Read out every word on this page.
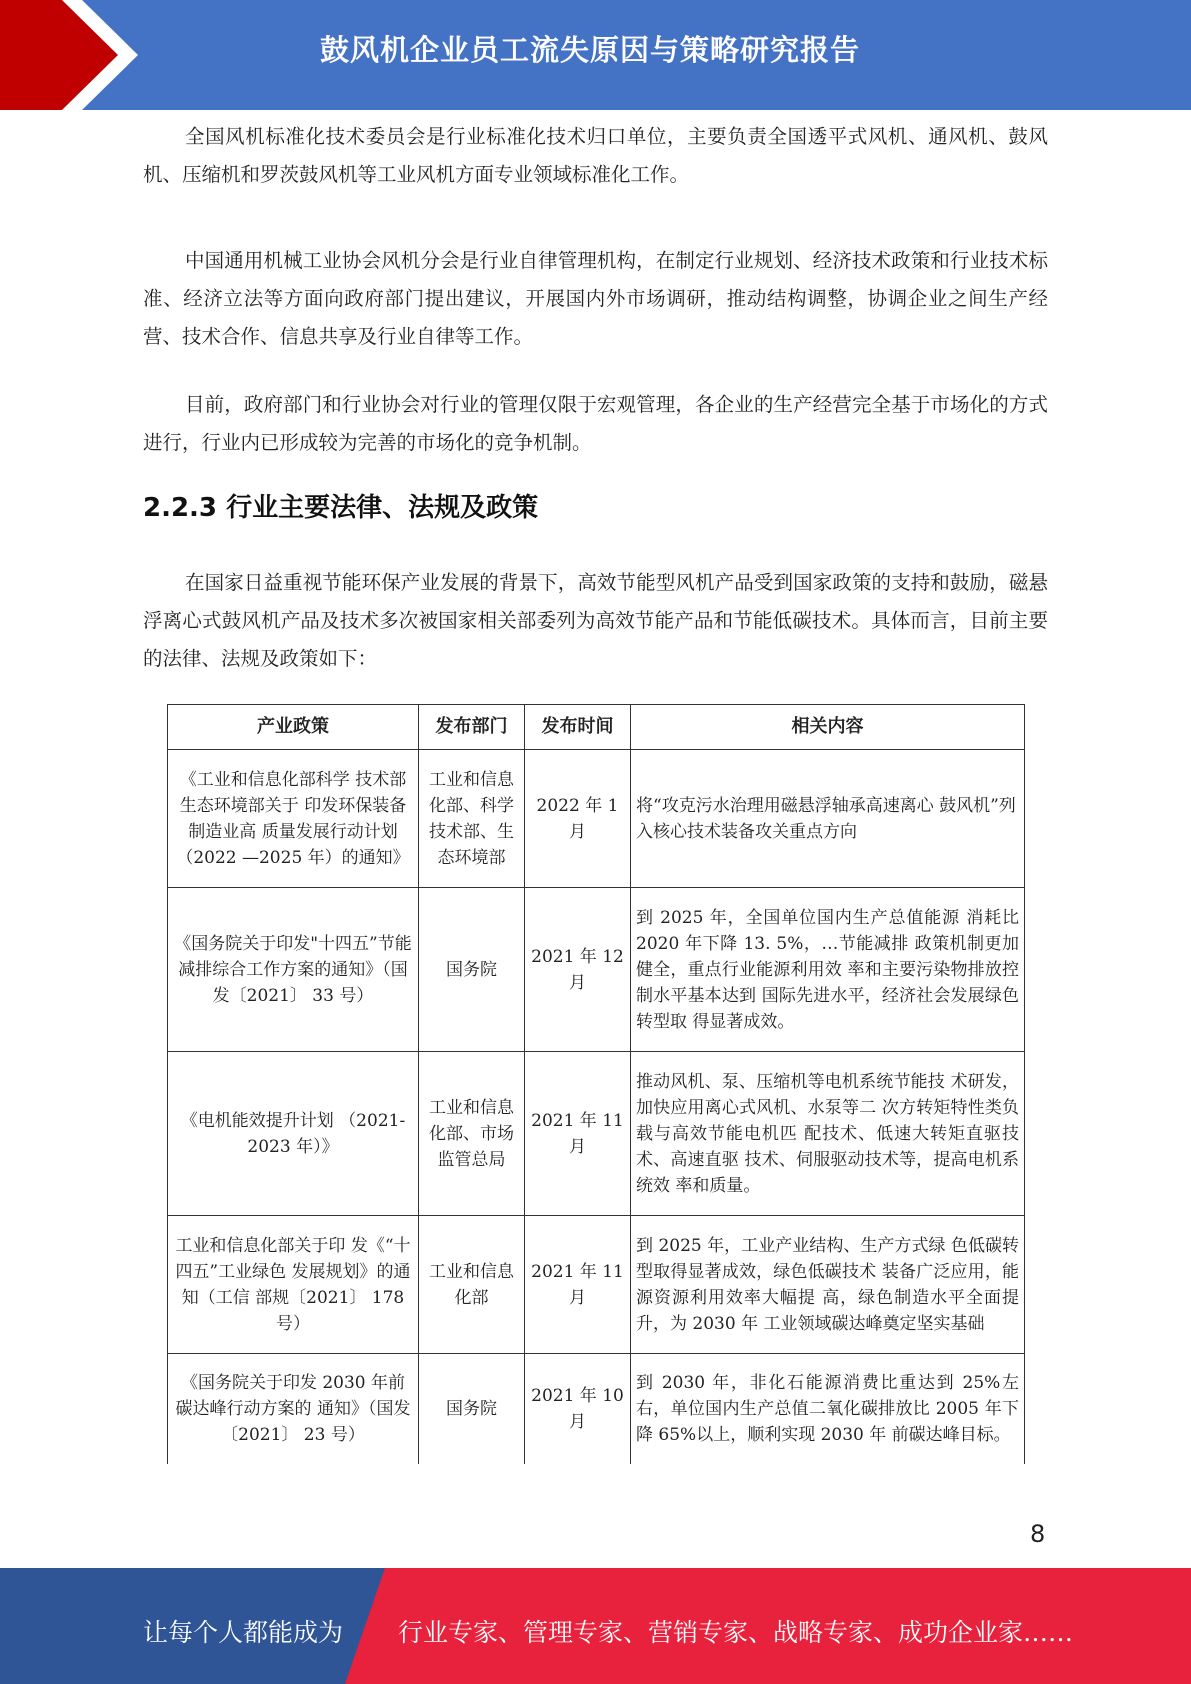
鼓风机企业员工流失原因与策略研究报告

全国风机标准化技术委员会是行业标准化技术归口单位，主要负责全国透平式风机、通风机、鼓风机、压缩机和罗茨鼓风机等工业风机方面专业领域标准化工作。

中国通用机械工业协会风机分会是行业自律管理机构，在制定行业规划、经济技术政策和行业技术标准、经济立法等方面向政府部门提出建议，开展国内外市场调研，推动结构调整，协调企业之间生产经营、技术合作、信息共享及行业自律等工作。

目前，政府部门和行业协会对行业的管理仅限于宏观管理，各企业的生产经营完全基于市场化的方式进行，行业内已形成较为完善的市场化的竞争机制。

2.2.3 行业主要法律、法规及政策

在国家日益重视节能环保产业发展的背景下，高效节能型风机产品受到国家政策的支持和鼓励，磁悬浮离心式鼓风机产品及技术多次被国家相关部委列为高效节能产品和节能低碳技术。具体而言，目前主要的法律、法规及政策如下：

产业政策	发布部门	发布时间	相关内容
《工业和信息化部科学 技术部生态环境部关于 印发环保装备制造业高 质量发展行动计划（2022 —2025 年）的通知》	工业和信息化部、科学技术部、生态环境部	2022 年 1 月	将“攻克污水治理用磁悬浮轴承高速离心 鼓风机”列入核心技术装备攻关重点方向
《国务院关于印发"十四五”节能减排综合工作方案的通知》（国发〔2021〕 33 号）	国务院	2021 年 12 月	到 2025 年，全国单位国内生产总值能源 消耗比 2020 年下降 13. 5%，…节能减排 政策机制更加健全，重点行业能源利用效 率和主要污染物排放控制水平基本达到 国际先进水平，经济社会发展绿色转型取 得显著成效。
《电机能效提升计划 （2021-2023 年）》	工业和信息化部、市场监管总局	2021 年 11 月	推动风机、泵、压缩机等电机系统节能技 术研发，加快应用离心式风机、水泵等二 次方转矩特性类负载与高效节能电机匹 配技术、低速大转矩直驱技术、高速直驱 技术、伺服驱动技术等，提高电机系统效 率和质量。
工业和信息化部关于印 发《“十四五”工业绿色 发展规划》的通知（工信 部规〔2021〕 178 号）	工业和信息化部	2021 年 11 月	到 2025 年，工业产业结构、生产方式绿 色低碳转型取得显著成效，绿色低碳技术 装备广泛应用，能源资源利用效率大幅提 高，绿色制造水平全面提升，为 2030 年 工业领域碳达峰奠定坚实基础
《国务院关于印发 2030 年前碳达峰行动方案的 通知》（国发〔2021〕 23 号）	国务院	2021 年 10 月	到 2030 年，非化石能源消费比重达到 25%左右，单位国内生产总值二氧化碳排放比 2005 年下降 65%以上，顺利实现 2030 年 前碳达峰目标。
8
让每个人都能成为 行业专家、管理专家、营销专家、战略专家、成功企业家……
